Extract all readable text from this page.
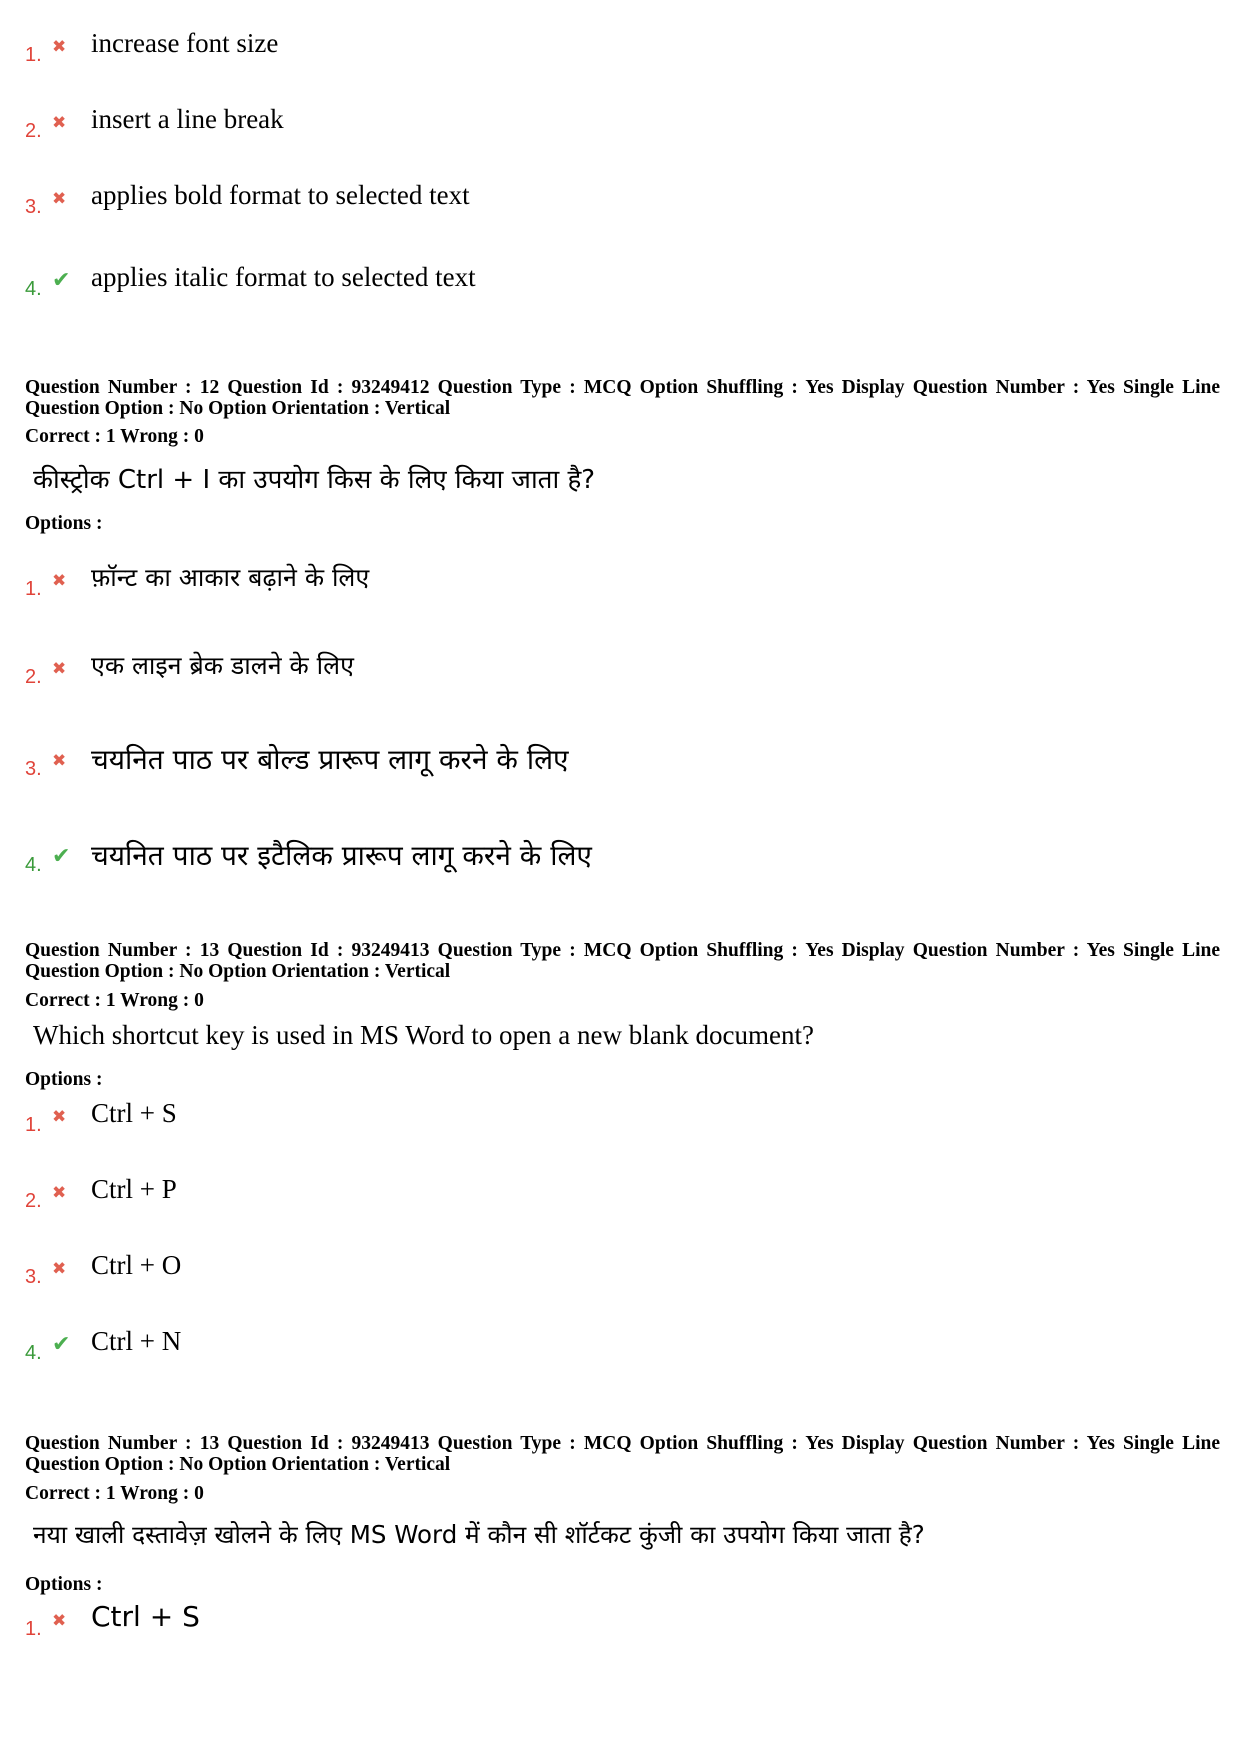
1. ✖ increase font size
2. ✖ insert a line break
3. ✖ applies bold format to selected text
4. ✔ applies italic format to selected text
Question Number : 12 Question Id : 93249412 Question Type : MCQ Option Shuffling : Yes Display Question Number : Yes Single Line Question Option : No Option Orientation : Vertical
Correct : 1 Wrong : 0
कीस्ट्रोक Ctrl + I का उपयोग किस के लिए किया जाता है?
Options :
1. ✖ फ़ॉन्ट का आकार बढ़ाने के लिए
2. ✖ एक लाइन ब्रेक डालने के लिए
3. ✖ चयनित पाठ पर बोल्ड प्रारूप लागू करने के लिए
4. ✔ चयनित पाठ पर इटैलिक प्रारूप लागू करने के लिए
Question Number : 13 Question Id : 93249413 Question Type : MCQ Option Shuffling : Yes Display Question Number : Yes Single Line Question Option : No Option Orientation : Vertical
Correct : 1 Wrong : 0
Which shortcut key is used in MS Word to open a new blank document?
Options :
1. ✖ Ctrl + S
2. ✖ Ctrl + P
3. ✖ Ctrl + O
4. ✔ Ctrl + N
Question Number : 13 Question Id : 93249413 Question Type : MCQ Option Shuffling : Yes Display Question Number : Yes Single Line Question Option : No Option Orientation : Vertical
Correct : 1 Wrong : 0
नया खाली दस्तावेज़ खोलने के लिए MS Word में कौन सी शॉर्टकट कुंजी का उपयोग किया जाता है?
Options :
1. ✖ Ctrl + S
